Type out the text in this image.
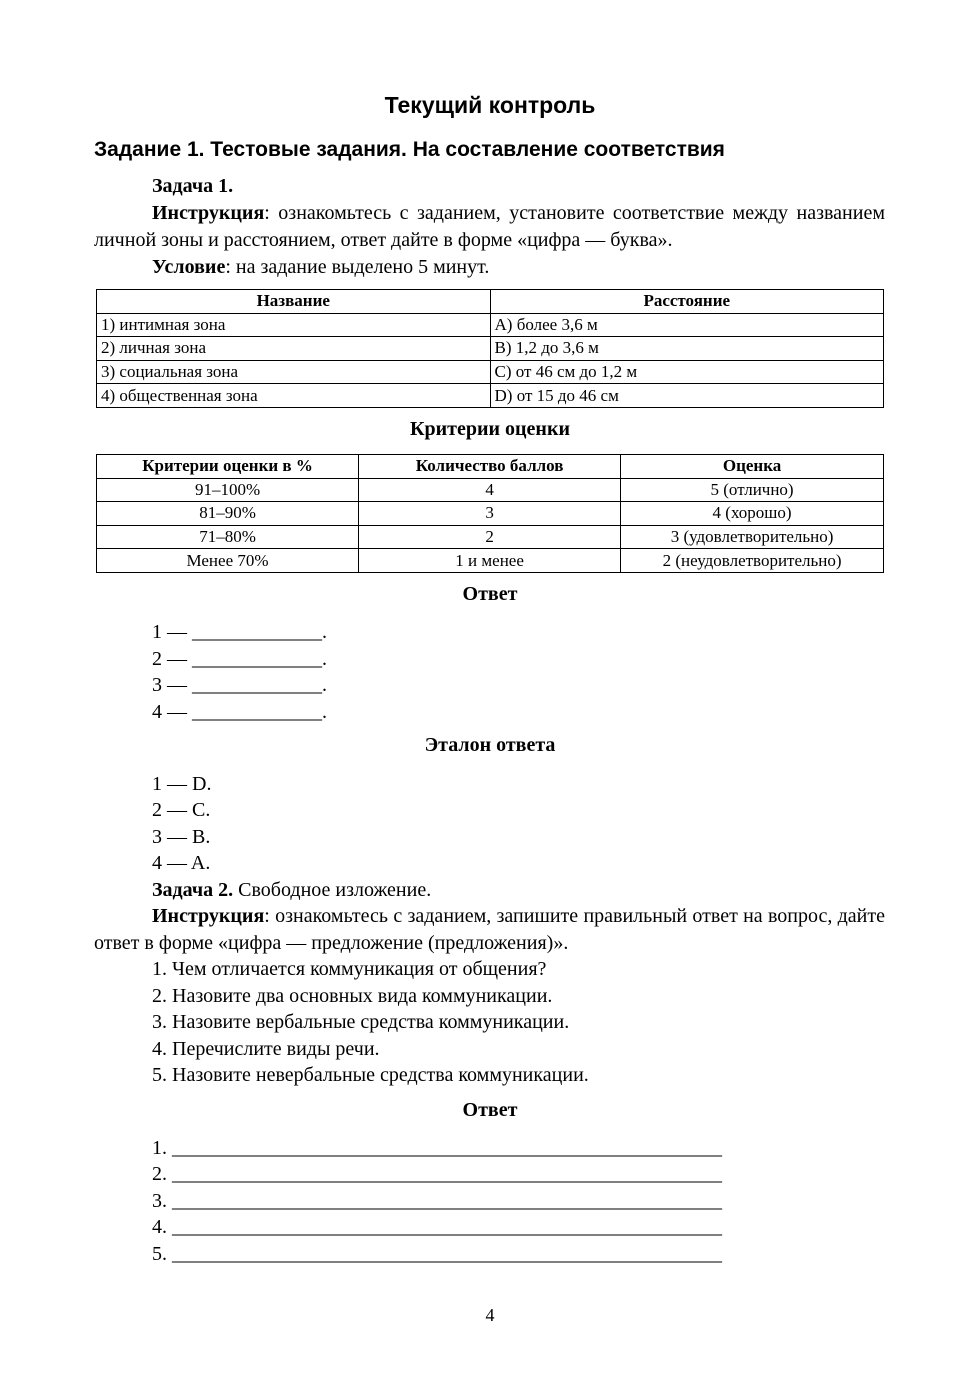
Текущий контроль
Задание 1. Тестовые задания. На составление соответствия
Задача 1.
Инструкция: ознакомьтесь с заданием, установите соответствие между названием личной зоны и расстоянием, ответ дайте в форме «цифра — буква».
Условие: на задание выделено 5 минут.
Название	Расстояние
1) интимная зона	A) более 3,6 м
2) личная зона	B) 1,2 до 3,6 м
3) социальная зона	C) от 46 см до 1,2 м
4) общественная зона	D) от 15 до 46 см
Критерии оценки
Критерии оценки в %	Количество баллов	Оценка
91–100%	4	5 (отлично)
81–90%	3	4 (хорошо)
71–80%	2	3 (удовлетворительно)
Менее 70%	1 и менее	2 (неудовлетворительно)
Ответ
1 — _____________.
2 — _____________.
3 — _____________.
4 — _____________.
Эталон ответа
1 — D.
2 — C.
3 — B.
4 — A.
Задача 2. Свободное изложение.
Инструкция: ознакомьтесь с заданием, запишите правильный ответ на вопрос, дайте ответ в форме «цифра — предложение (предложения)».
1. Чем отличается коммуникация от общения?
2. Назовите два основных вида коммуникации.
3. Назовите вербальные средства коммуникации.
4. Перечислите виды речи.
5. Назовите невербальные средства коммуникации.
Ответ
1. _______________________________________________________
2. _______________________________________________________
3. _______________________________________________________
4. _______________________________________________________
5. _______________________________________________________
4
